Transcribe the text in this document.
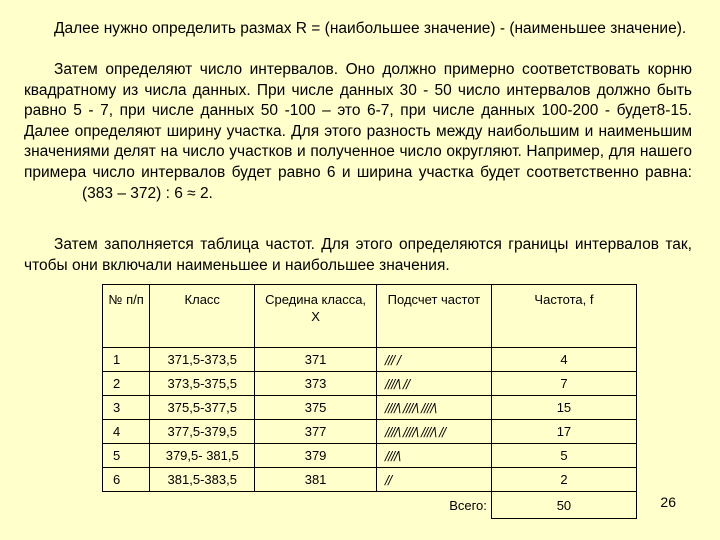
Далее нужно определить размах R = (наибольшее значение) - (наименьшее значение).

Затем определяют число интервалов. Оно должно примерно соответствовать корню квадратному из числа данных. При числе данных 30 - 50 число интервалов должно быть равно 5 - 7, при числе данных 50 -100 – это 6-7, при числе данных 100-200 - будет8-15. Далее определяют ширину участка. Для этого разность между наибольшим и наименьшим значениями делят на число участков и полученное число округляют. Например, для нашего примера число интервалов будет равно 6 и ширина участка будет соответственно равна:(383 – 372) : 6 ≈ 2.

Затем заполняется таблица частот. Для этого определяются границы интервалов так, чтобы они включали наименьшее и наибольшее значения.

№ п/п	Класс	Средина класса, Х	Подсчет частот	Частота, f
1	371,5-373,5	371	/// /	4
2	373,5-375,5	373	////\ //	7
3	375,5-377,5	375	////\ ////\ ////\	15
4	377,5-379,5	377	////\ ////\ ////\ //	17
5	379,5- 381,5	379	////\	5
6	381,5-383,5	381	//	2
			Всего:	50	26
